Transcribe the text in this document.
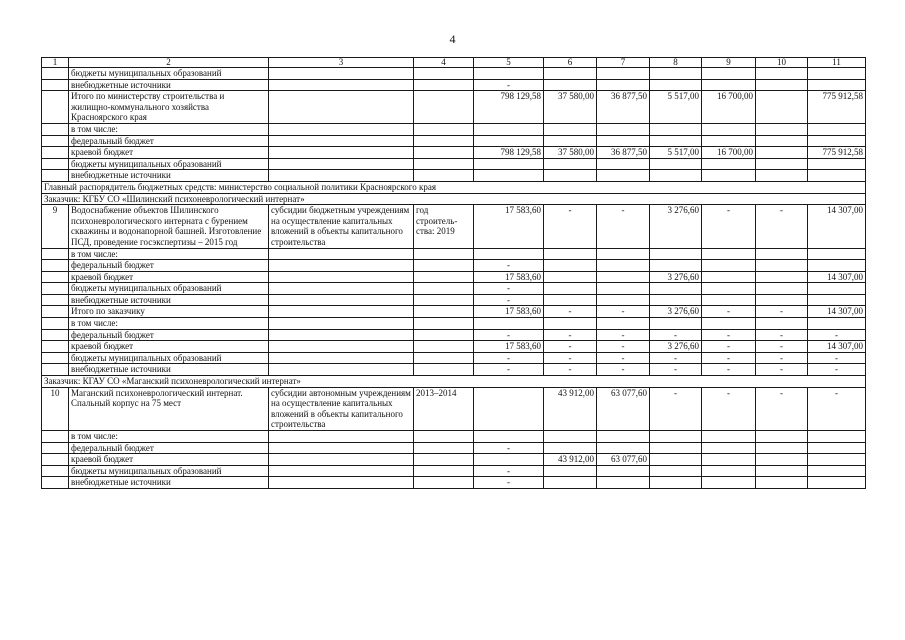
4
1	2	3	4	5	6	7	8	9	10	11
	бюджеты муниципальных образований									
	внебюджетные источники			-						
	Итого по министерству строительства и жилищно-коммунального хозяйства Красноярского края			798 129,58	37 580,00	36 877,50	5 517,00	16 700,00		775 912,58
	в том числе:									
	федеральный бюджет									
	краевой бюджет			798 129,58	37 580,00	36 877,50	5 517,00	16 700,00		775 912,58
	бюджеты муниципальных образований									
	внебюджетные источники									
Главный распорядитель бюджетных средств: министерство социальной политики Красноярского края										
Заказчик: КГБУ СО «Шилинский психоневрологический интернат»										
9	Водоснабжение объектов Шилинского психоневрологического интерната с бурением скважины и водонапорной башней. Изготовление ПСД, проведение госэкспертизы – 2015 год	субсидии бюджетным учреждениям на осуществление капитальных вложений в объекты капитального строительства	год строитель-ства: 2019	17 583,60	-	-	3 276,60	-	-	14 307,00
	в том числе:									
	федеральный бюджет			-						
	краевой бюджет			17 583,60			3 276,60			14 307,00
	бюджеты муниципальных образований			-						
	внебюджетные источники			-						
	Итого по заказчику			17 583,60	-	-	3 276,60	-	-	14 307,00
	в том числе:									
	федеральный бюджет			-	-	-	-	-	-	-
	краевой бюджет			17 583,60	-	-	3 276,60	-	-	14 307,00
	бюджеты муниципальных образований			-	-	-	-	-	-	-
	внебюджетные источники			-	-	-	-	-	-	-
Заказчик: КГАУ СО «Маганский психоневрологический интернат»										
10	Маганский психоневрологический интернат. Спальный корпус на 75 мест	субсидии автономным учреждениям на осуществление капитальных вложений в объекты капитального строительства	2013–2014		43 912,00	63 077,60	-	-	-	-
	в том числе:									
	федеральный бюджет			-						
	краевой бюджет				43 912,00	63 077,60				
	бюджеты муниципальных образований			-						
	внебюджетные источники			-						
